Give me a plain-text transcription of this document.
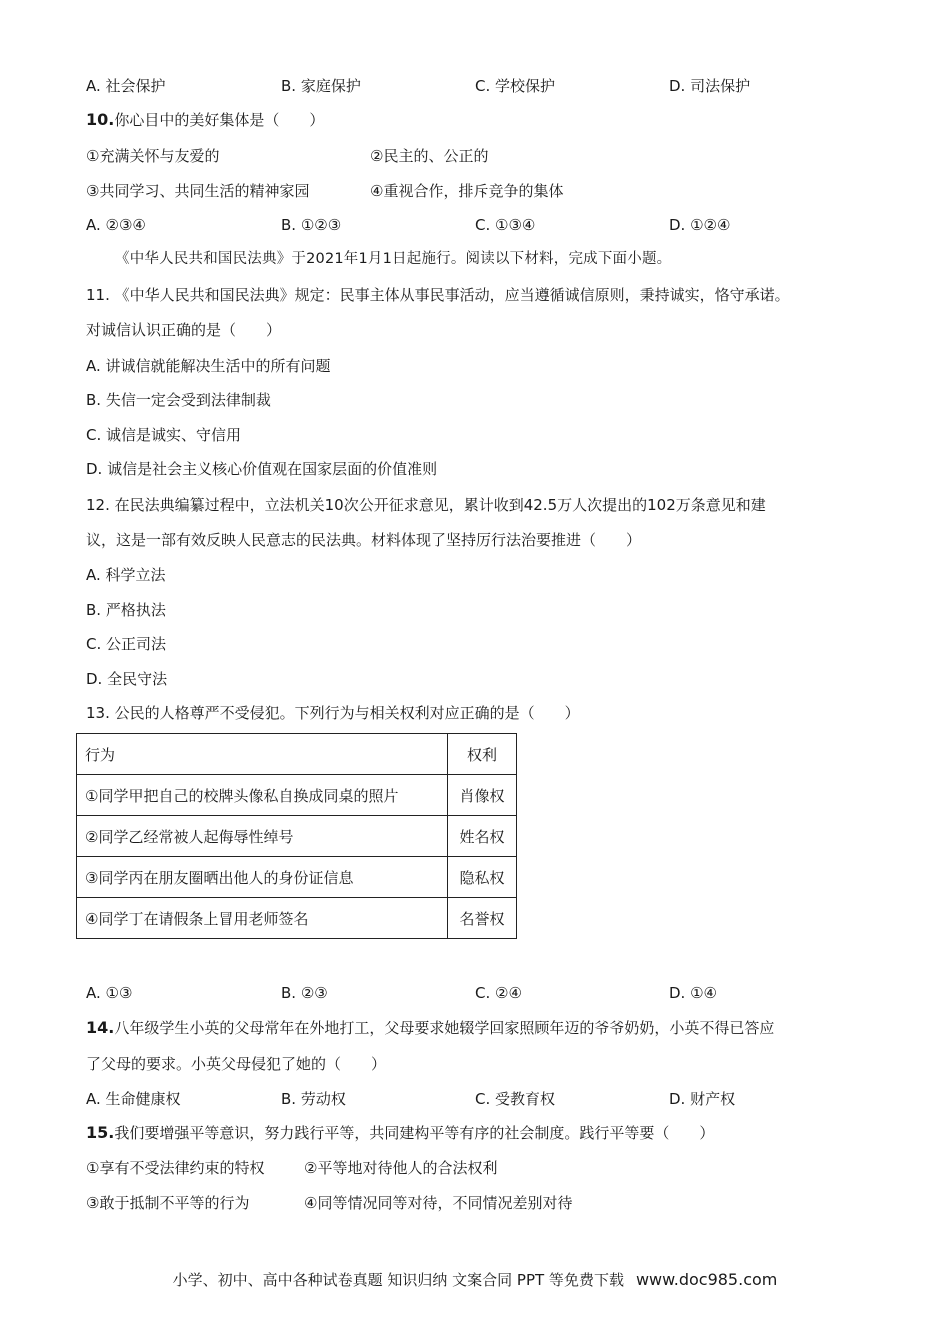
A. 社会保护	B. 家庭保护	C. 学校保护	D. 司法保护
10.你心目中的美好集体是（　　）
①充满关怀与友爱的	②民主的、公正的
③共同学习、共同生活的精神家园	④重视合作，排斥竞争的集体
A. ②③④	B. ①②③	C. ①③④	D. ①②④
《中华人民共和国民法典》于2021年1月1日起施行。阅读以下材料，完成下面小题。
11. 《中华人民共和国民法典》规定：民事主体从事民事活动，应当遵循诚信原则，秉持诚实，恪守承诺。
对诚信认识正确的是（　　）
A. 讲诚信就能解决生活中的所有问题
B. 失信一定会受到法律制裁
C. 诚信是诚实、守信用
D. 诚信是社会主义核心价值观在国家层面的价值准则
12. 在民法典编纂过程中，立法机关10次公开征求意见，累计收到42.5万人次提出的102万条意见和建
议，这是一部有效反映人民意志的民法典。材料体现了坚持厉行法治要推进（　　）
A. 科学立法
B. 严格执法
C. 公正司法
D. 全民守法
13. 公民的人格尊严不受侵犯。下列行为与相关权利对应正确的是（　　）
行为	权利
①同学甲把自己的校牌头像私自换成同桌的照片	肖像权
②同学乙经常被人起侮辱性绰号	姓名权
③同学丙在朋友圈晒出他人的身份证信息	隐私权
④同学丁在请假条上冒用老师签名	名誉权
A. ①③	B. ②③	C. ②④	D. ①④
14.八年级学生小英的父母常年在外地打工，父母要求她辍学回家照顾年迈的爷爷奶奶，小英不得已答应
了父母的要求。小英父母侵犯了她的（　　）
A. 生命健康权	B. 劳动权	C. 受教育权	D. 财产权
15.我们要增强平等意识，努力践行平等，共同建构平等有序的社会制度。践行平等要（　　）
①享有不受法律约束的特权	②平等地对待他人的合法权利
③敢于抵制不平等的行为	④同等情况同等对待，不同情况差别对待
小学、初中、高中各种试卷真题 知识归纳 文案合同 PPT 等免费下载 www.doc985.com
